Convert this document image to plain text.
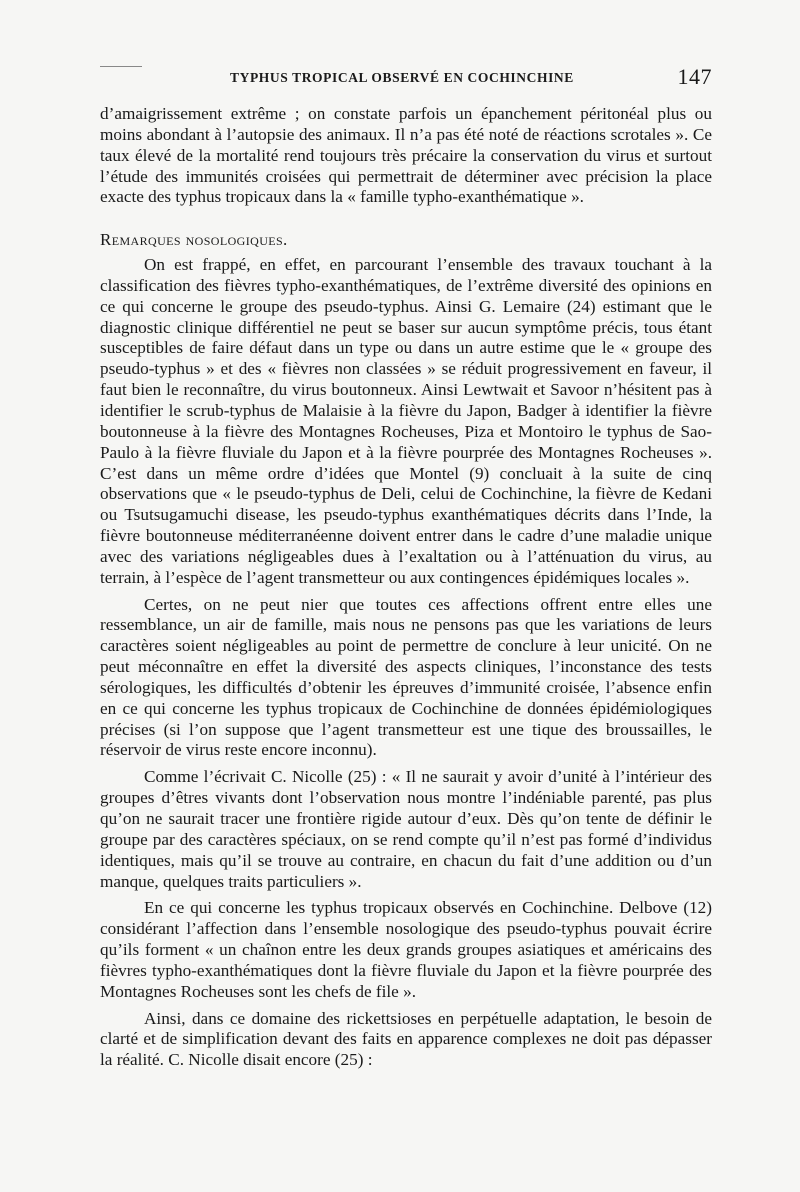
TYPHUS TROPICAL OBSERVÉ EN COCHINCHINE	147

d’amaigrissement extrême ; on constate parfois un épanchement péritonéal plus ou moins abondant à l’autopsie des animaux. Il n’a pas été noté de réactions scrotales ». Ce taux élevé de la mortalité rend toujours très précaire la conservation du virus et surtout l’étude des immunités croisées qui permettrait de déterminer avec précision la place exacte des typhus tropicaux dans la « famille typho-exanthématique ».

Remarques nosologiques.

On est frappé, en effet, en parcourant l’ensemble des travaux touchant à la classification des fièvres typho-exanthématiques, de l’extrême diversité des opinions en ce qui concerne le groupe des pseudo-typhus. Ainsi G. Lemaire (24) estimant que le diagnostic clinique différentiel ne peut se baser sur aucun symptôme précis, tous étant susceptibles de faire défaut dans un type ou dans un autre estime que le « groupe des pseudo-typhus » et des « fièvres non classées » se réduit progressivement en faveur, il faut bien le reconnaître, du virus boutonneux. Ainsi Lewtwait et Savoor n’hésitent pas à identifier le scrub-typhus de Malaisie à la fièvre du Japon, Badger à identifier la fièvre boutonneuse à la fièvre des Montagnes Rocheuses, Piza et Montoiro le typhus de Sao-Paulo à la fièvre fluviale du Japon et à la fièvre pourprée des Montagnes Rocheuses ». C’est dans un même ordre d’idées que Montel (9) concluait à la suite de cinq observations que « le pseudo-typhus de Deli, celui de Cochinchine, la fièvre de Kedani ou Tsutsugamuchi disease, les pseudo-typhus exanthématiques décrits dans l’Inde, la fièvre boutonneuse méditerranéenne doivent entrer dans le cadre d’une maladie unique avec des variations négligeables dues à l’exaltation ou à l’atténuation du virus, au terrain, à l’espèce de l’agent transmetteur ou aux contingences épidémiques locales ».

Certes, on ne peut nier que toutes ces affections offrent entre elles une ressemblance, un air de famille, mais nous ne pensons pas que les variations de leurs caractères soient négligeables au point de permettre de conclure à leur unicité. On ne peut méconnaître en effet la diversité des aspects cliniques, l’inconstance des tests sérologiques, les difficultés d’obtenir les épreuves d’immunité croisée, l’absence enfin en ce qui concerne les typhus tropicaux de Cochinchine de données épidémiologiques précises (si l’on suppose que l’agent transmetteur est une tique des broussailles, le réservoir de virus reste encore inconnu).

Comme l’écrivait C. Nicolle (25) : « Il ne saurait y avoir d’unité à l’intérieur des groupes d’êtres vivants dont l’observation nous montre l’indéniable parenté, pas plus qu’on ne saurait tracer une frontière rigide autour d’eux. Dès qu’on tente de définir le groupe par des caractères spéciaux, on se rend compte qu’il n’est pas formé d’individus identiques, mais qu’il se trouve au contraire, en chacun du fait d’une addition ou d’un manque, quelques traits particuliers ».

En ce qui concerne les typhus tropicaux observés en Cochinchine. Delbove (12) considérant l’affection dans l’ensemble nosologique des pseudo-typhus pouvait écrire qu’ils forment « un chaînon entre les deux grands groupes asiatiques et américains des fièvres typho-exanthématiques dont la fièvre fluviale du Japon et la fièvre pourprée des Montagnes Rocheuses sont les chefs de file ».

Ainsi, dans ce domaine des rickettsioses en perpétuelle adaptation, le besoin de clarté et de simplification devant des faits en apparence complexes ne doit pas dépasser la réalité. C. Nicolle disait encore (25) :
